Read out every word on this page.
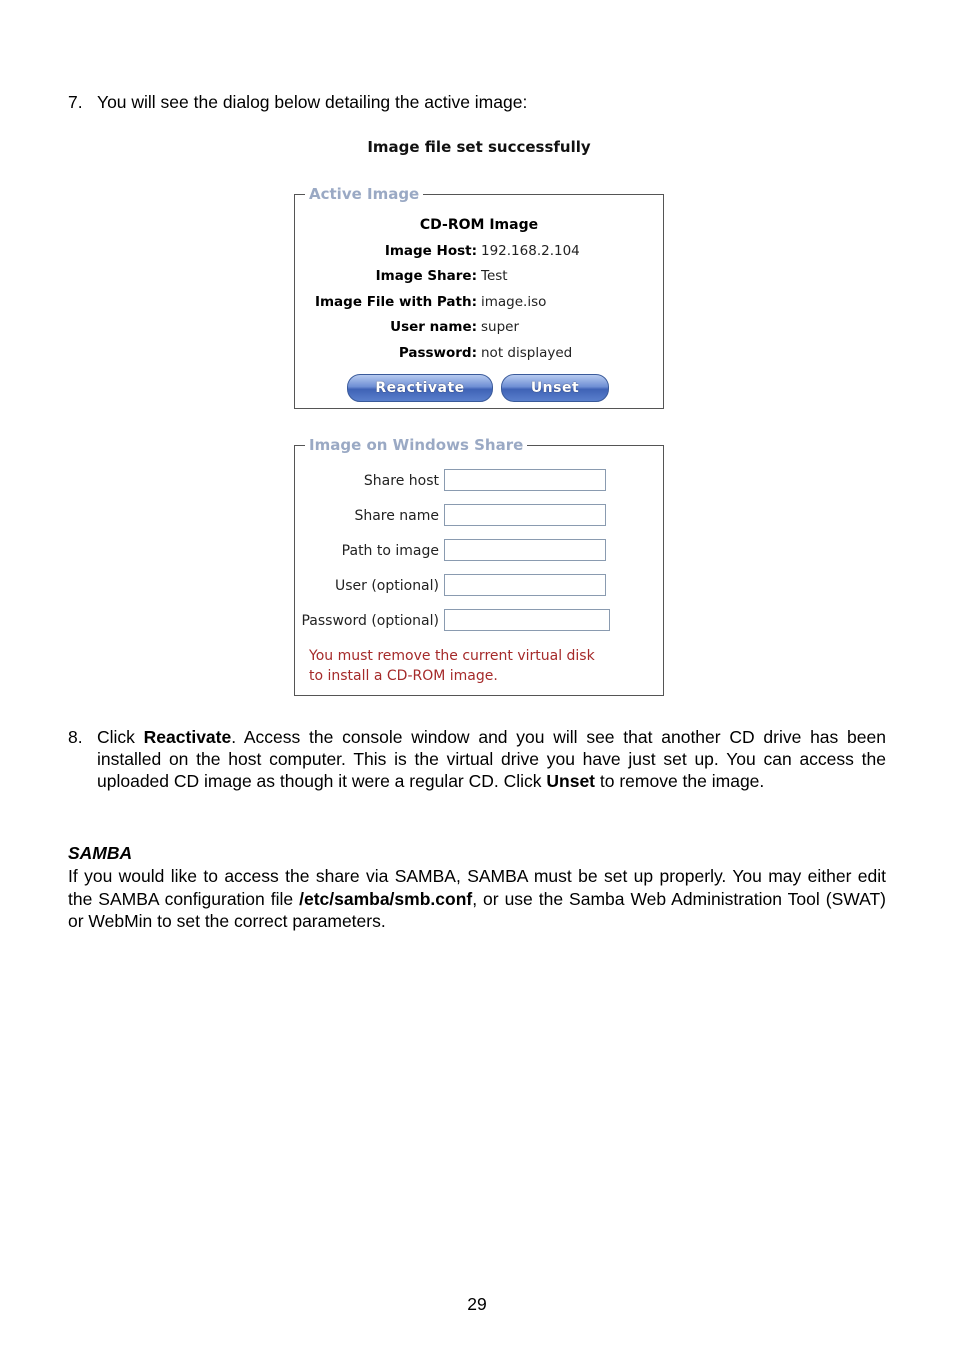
7. You will see the dialog below detailing the active image:
Image file set successfully
Active Image
CD-ROM Image
Image Host: 192.168.2.104
Image Share: Test
Image File with Path: image.iso
User name: super
Password: not displayed
Reactivate	Unset
Image on Windows Share
Share host
Share name
Path to image
User (optional)
Password (optional)
You must remove the current virtual disk
to install a CD-ROM image.
8. Click Reactivate. Access the console window and you will see that another CD drive has been installed on the host computer. This is the virtual drive you have just set up. You can access the uploaded CD image as though it were a regular CD. Click Unset to remove the image.
SAMBA
If you would like to access the share via SAMBA, SAMBA must be set up properly. You may either edit the SAMBA configuration file /etc/samba/smb.conf, or use the Samba Web Administration Tool (SWAT) or WebMin to set the correct parameters.
29
